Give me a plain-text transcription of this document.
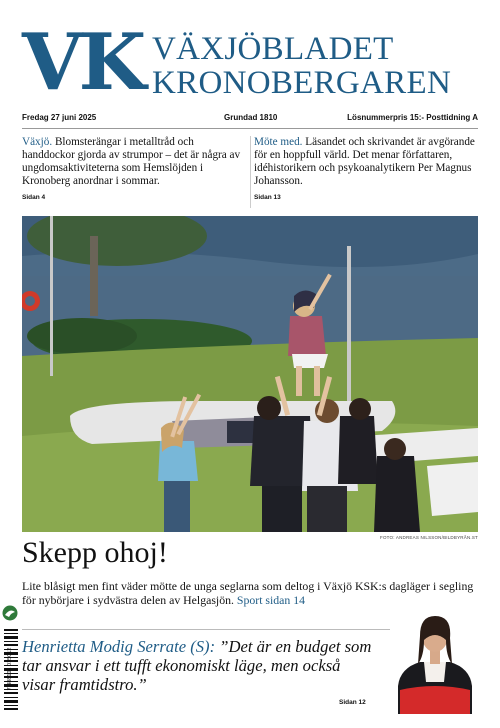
VK VÄXJÖBLADET
KRONOBERGAREN
Fredag 27 juni 2025	Grundad 1810	Lösnummerpris 15:- Posttidning A
Växjö. Blomsterängar i metalltråd och handdockor gjorda av strumpor – det är några av ungdomsaktiviteterna som Hemslöjden i Kronoberg anordnar i sommar.
Sidan 4
Möte med. Läsandet och skrivandet är avgörande för en hoppfull värld. Det menar författaren, idéhistorikern och psykoanalytikern Per Magnus Johansson.
Sidan 13
FOTO: ANDREAS NILSSON/BILDBYRÅN.ST
Skepp ohoj!
Lite blåsigt men fint väder mötte de unga seglarna som deltog i Växjö KSK:s dagläger i segling för nybörjare i sydvästra delen av Helgasjön. Sport sidan 14
7 388101 015012
Henrietta Modig Serrate (S): ”Det är en budget som tar ansvar i ett tufft ekonomiskt läge, men också visar framtidstro.”
Sidan 12
